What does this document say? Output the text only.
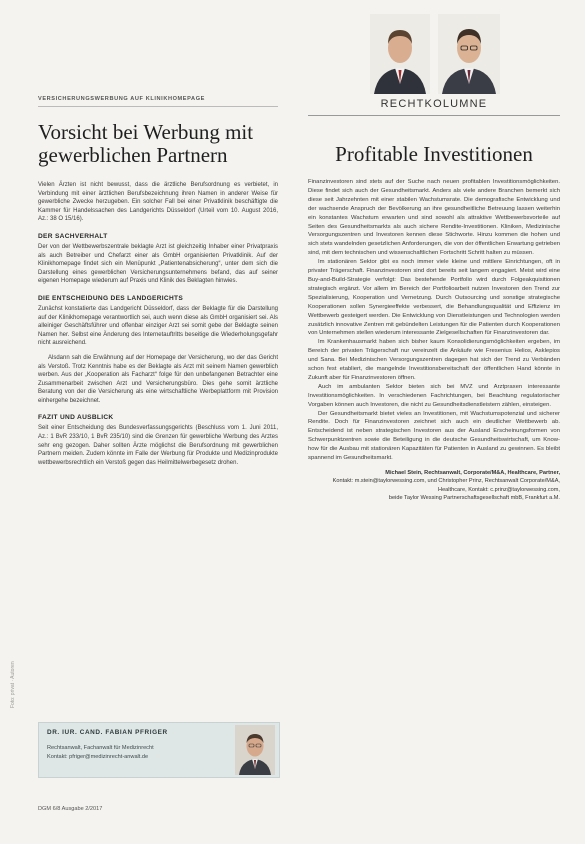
VERSICHERUNGSWERBUNG AUF KLINIKHOMEPAGE
Vorsicht bei Werbung mit
gewerblichen Partnern

Vielen Ärzten ist nicht bewusst, dass die ärztliche Berufsordnung es verbietet, in Verbindung mit einer ärztlichen Berufsbezeichnung ihren Namen in anderer Weise für gewerbliche Zwecke herzugeben. Ein solcher Fall bei einer Privatklinik beschäftigte die Kammer für Handelssachen des Landgerichts Düsseldorf (Urteil vom 10. August 2016, Az.: 38 O 15/16).

DER SACHVERHALT

Der von der Wettbewerbszentrale beklagte Arzt ist gleichzeitig Inhaber einer Privatpraxis als auch Betreiber und Chefarzt einer als GmbH organisierten Privatklinik. Auf der Klinikhomepage findet sich ein Menüpunkt „Patientenabsicherung“, unter dem sich die Darstellung eines gewerblichen Versicherungsunternehmens befand, das auf seiner eigenen Homepage wiederum auf Praxis und Klinik des Beklagten hinwies.

DIE ENTSCHEIDUNG DES LANDGERICHTS

Zunächst konstatierte das Landgericht Düsseldorf, dass der Beklagte für die Darstellung auf der Klinikhomepage verantwortlich sei, auch wenn diese als GmbH organisiert sei. Als alleiniger Geschäftsführer und offenbar einziger Arzt sei somit gebe der Beklagte seinen Namen her. Selbst eine Änderung des Internetauftritts beseitige die Wiederholungsgefahr nicht ausreichend.

Alsdann sah die Erwähnung auf der Homepage der Versicherung, wo der das Gericht als Verstoß. Trotz Kenntnis habe es der Beklagte als Arzt mit seinem Namen gewerblich werben. Aus der „Kooperation als Facharzt“ folge für den unbefangenen Betrachter eine Zusammenarbeit zwischen Arzt und Versicherungsbüro. Dies gehe somit ärztliche Beratung von der die Versicherung als eine wirtschaftliche Werbeplattform mit Provision einhergehe bezeichnet.

FAZIT UND AUSBLICK

Seit einer Entscheidung des Bundesverfassungsgerichts (Beschluss vom 1. Juni 2011, Az.: 1 BvR 233/10, 1 BvR 235/10) sind die Grenzen für gewerbliche Werbung des Arztes sehr eng gezogen. Daher sollten Ärzte möglichst die Berufsordnung mit gewerblichen Partnern meiden. Zudem könnte im Falle der Werbung für Produkte und Medizinprodukte wettbewerbsrechtlich ein Verstoß gegen das Heilmittelwerbegesetz drohen.

DR. IUR. CAND. FABIAN PFRIGER
Rechtsanwalt, Fachanwalt für Medizinrecht
Kontakt: pfriger@medizinrecht-anwalt.de
Foto: privat · Autoren
DGM 6/8 Ausgabe 2/2017
RECHTKOLUMNE
Profitable Investitionen

Finanzinvestoren sind stets auf der Suche nach neuen profitablen Investitionsmöglichkeiten. Diese findet sich auch der Gesundheitsmarkt. Anders als viele andere Branchen bemerkt sich diese seit Jahrzehnten mit einer stabilen Wachstumsrate. Die demografische Entwicklung und der wachsende Anspruch der Bevölkerung an ihre gesundheitliche Betreuung lassen weiterhin ein konstantes Wachstum erwarten und sind sowohl als attraktive Wettbewerbsvorteile auf Seiten des Gesundheitsmarkts als auch sichere Rendite-Investitionen. Kliniken, Medizinische Versorgungszentren und Investoren kennen diese Stichworte. Hinzu kommen die hohen und sich stets wandelnden gesetzlichen Anforderungen, die von der öffentlichen Erwartung getrieben sind, mit dem technischen und wissenschaftlichen Fortschritt Schritt halten zu müssen.

Im stationären Sektor gibt es noch immer viele kleine und mittlere Einrichtungen, oft in privater Trägerschaft. Finanzinvestoren sind dort bereits seit langem engagiert. Meist wird eine Buy-and-Build-Strategie verfolgt: Das bestehende Portfolio wird durch Folgeakquisitionen strategisch ergänzt. Vor allem im Bereich der Portfolioarbeit nutzen Investoren den Trend zur Spezialisierung, Kooperation und Vernetzung. Durch Outsourcing und sonstige strategische Kooperationen sollen Synergieeffekte verbessert, die Behandlungsqualität und Effizienz im Wettbewerb gesteigert werden. Die Entwicklung von Dienstleistungen und Technologien werden zusätzlich innovative Zentren mit gebündelten Leistungen für die Patienten durch Kooperationen von Unternehmen stellen wiederum interessante Zielgesellschaften für Finanzinvestoren dar.

Im Krankenhausmarkt haben sich bisher kaum Konsolidierungsmöglichkeiten ergeben, im Bereich der privaten Trägerschaft nur vereinzelt die Ankäufe wie Fresenius Helios, Asklepios und Sana. Bei Medizinischen Versorgungszentren dagegen hat sich der Trend zu Verbänden schon fest etabliert, die mangelnde Investitionsbereitschaft der öffentlichen Hand könnte in Zukunft aber für Finanzinvestoren öffnen.

Auch im ambulanten Sektor bieten sich bei MVZ und Arztpraxen interessante Investitionsmöglichkeiten. In verschiedenen Fachrichtungen, bei Beachtung regulatorischer Vorgaben können auch Investoren, die nicht zu Gesundheitsdienstleistern zählen, einsteigen.

Der Gesundheitsmarkt bietet vieles an Investitionen, mit Wachstumspotenzial und sicherer Rendite. Doch für Finanzinvestoren zeichnet sich auch ein deutlicher Wettbewerb ab. Entscheidend ist neben strategischen Investoren aus der Ausland Erscheinungsformen von Schwerpunktzentren sowie die Beteiligung in die deutsche Gesundheitswirtschaft, um Know-how für die Ausbau mit stationären Kapazitäten für Patienten in Ausland zu gewinnen. Es bleibt spannend im Gesundheitsmarkt.

Michael Stein, Rechtsanwalt, Corporate/M&A, Healthcare, Partner,
Kontakt: m.stein@taylorwessing.com, und Christopher Prinz, Rechtsanwalt Corporate/M&A, Healthcare, Kontakt: c.prinz@taylorwessing.com,
beide Taylor Wessing Partnerschaftsgesellschaft mbB, Frankfurt a.M.
